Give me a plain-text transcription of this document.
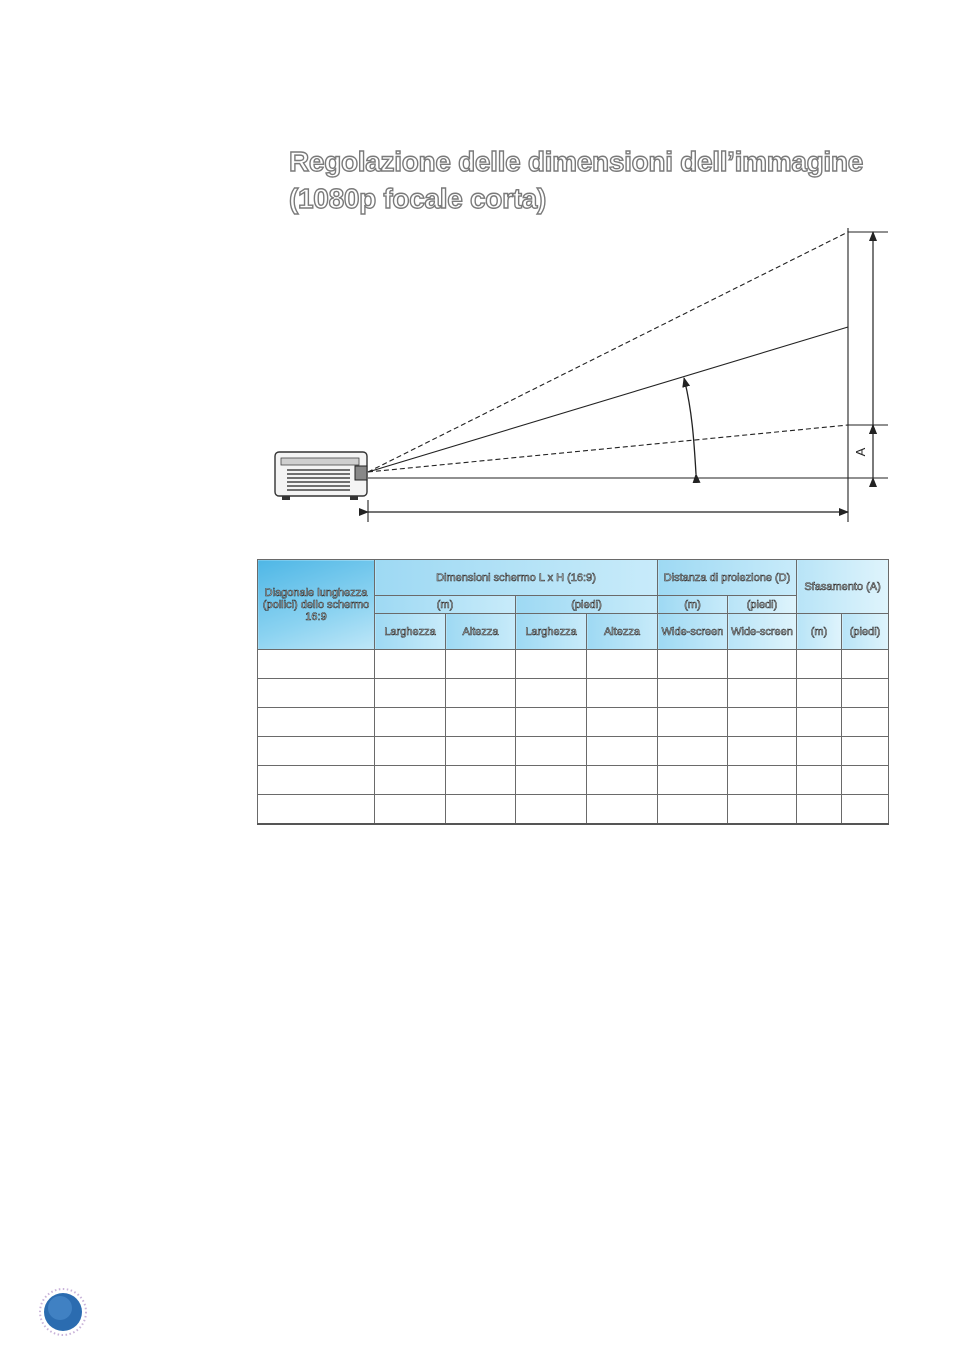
Regolazione delle dimensioni dell’immagine
(1080p focale corta)
A
Diagonale lunghezza (pollici) dello schermo 16:9	Dimensioni schermo L x H (16:9)				Distanza di proiezione (D)		Sfasamento (A)	
	(m)		(piedi)		(m)	(piedi)		
	Larghezza	Altezza	Larghezza	Altezza	Wide-screen	Wide-screen	(m)	(piedi)
